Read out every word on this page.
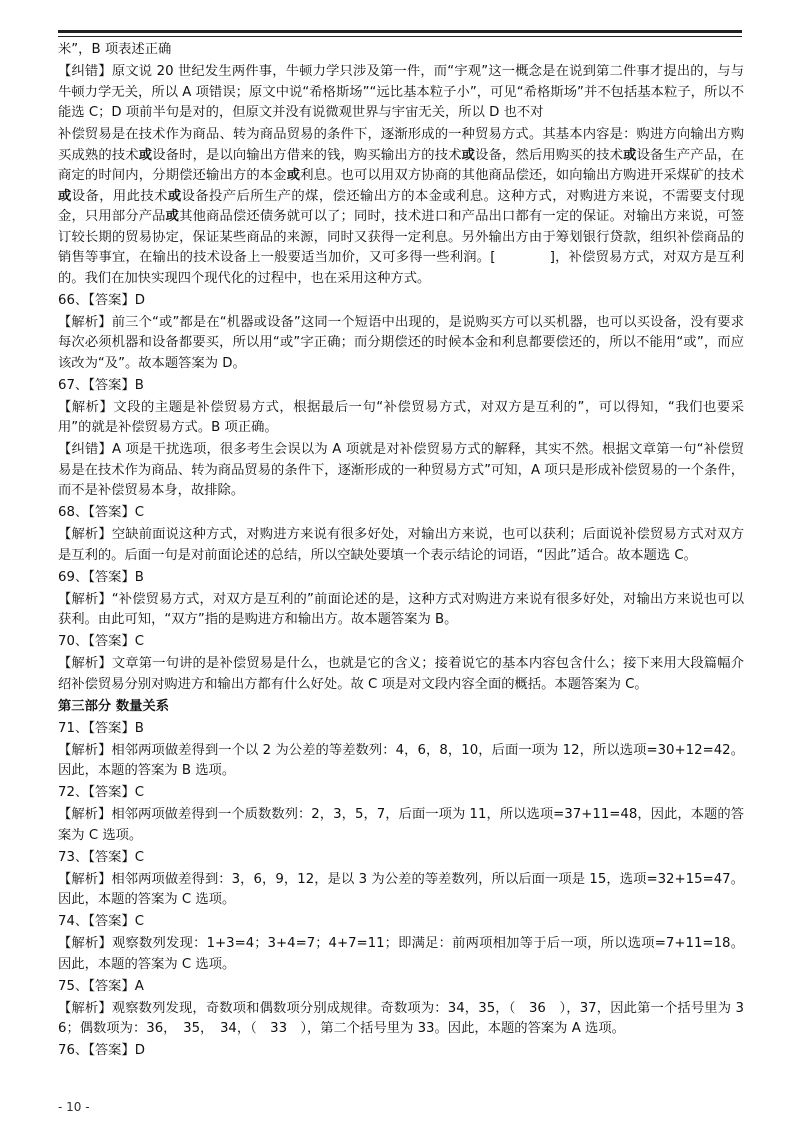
米”，B 项表述正确

【纠错】原文说 20 世纪发生两件事，牛顿力学只涉及第一件，而“宇观”这一概念是在说到第二件事才提出的，与与牛顿力学无关，所以 A 项错误；原文中说“希格斯场”“远比基本粒子小”，可见“希格斯场”并不包括基本粒子，所以不能选 C；D 项前半句是对的，但原文并没有说微观世界与宇宙无关，所以 D 也不对

补偿贸易是在技术作为商品、转为商品贸易的条件下，逐渐形成的一种贸易方式。其基本内容是：购进方向输出方购买成熟的技术或设备时，是以向输出方借来的钱，购买输出方的技术或设备，然后用购买的技术或设备生产产品，在商定的时间内，分期偿还输出方的本金或利息。也可以用双方协商的其他商品偿还，如向输出方购进开采煤矿的技术或设备，用此技术或设备投产后所生产的煤，偿还输出方的本金或利息。这种方式，对购进方来说，不需要支付现金，只用部分产品或其他商品偿还债务就可以了；同时，技术进口和产品出口都有一定的保证。对输出方来说，可签订较长期的贸易协定，保证某些商品的来源，同时又获得一定利息。另外输出方由于筹划银行贷款，组织补偿商品的销售等事宜，在输出的技术设备上一般要适当加价，又可多得一些利润。[　　　　]，补偿贸易方式，对双方是互利的。我们在加快实现四个现代化的过程中，也在采用这种方式。

66、【答案】D

【解析】前三个“或”都是在“机器或设备”这同一个短语中出现的，是说购买方可以买机器，也可以买设备，没有要求每次必须机器和设备都要买，所以用“或”字正确；而分期偿还的时候本金和利息都要偿还的，所以不能用“或”，而应该改为“及”。故本题答案为 D。

67、【答案】B

【解析】文段的主题是补偿贸易方式，根据最后一句“补偿贸易方式，对双方是互利的”，可以得知，“我们也要采用”的就是补偿贸易方式。B 项正确。

【纠错】A 项是干扰选项，很多考生会误以为 A 项就是对补偿贸易方式的解释，其实不然。根据文章第一句“补偿贸易是在技术作为商品、转为商品贸易的条件下，逐渐形成的一种贸易方式”可知，A 项只是形成补偿贸易的一个条件，而不是补偿贸易本身，故排除。

68、【答案】C

【解析】空缺前面说这种方式，对购进方来说有很多好处，对输出方来说，也可以获利；后面说补偿贸易方式对双方是互利的。后面一句是对前面论述的总结，所以空缺处要填一个表示结论的词语，“因此”适合。故本题选 C。

69、【答案】B

【解析】“补偿贸易方式，对双方是互利的”前面论述的是，这种方式对购进方来说有很多好处，对输出方来说也可以获利。由此可知，“双方”指的是购进方和输出方。故本题答案为 B。

70、【答案】C

【解析】文章第一句讲的是补偿贸易是什么，也就是它的含义；接着说它的基本内容包含什么；接下来用大段篇幅介绍补偿贸易分别对购进方和输出方都有什么好处。故 C 项是对文段内容全面的概括。本题答案为 C。

第三部分 数量关系

71、【答案】B

【解析】相邻两项做差得到一个以 2 为公差的等差数列：4，6，8，10，后面一项为 12，所以选项=30+12=42。因此，本题的答案为 B 选项。

72、【答案】C

【解析】相邻两项做差得到一个质数数列：2，3，5，7，后面一项为 11，所以选项=37+11=48，因此，本题的答案为 C 选项。

73、【答案】C

【解析】相邻两项做差得到：3，6，9，12，是以 3 为公差的等差数列，所以后面一项是 15，选项=32+15=47。因此，本题的答案为 C 选项。

74、【答案】C

【解析】观察数列发现：1+3=4；3+4=7；4+7=11；即满足：前两项相加等于后一项，所以选项=7+11=18。因此，本题的答案为 C 选项。

75、【答案】A

【解析】观察数列发现，奇数项和偶数项分别成规律。奇数项为：34，35，（　36　），37，因此第一个括号里为 36；偶数项为：36，　35，　34，（　33　），第二个括号里为 33。因此，本题的答案为 A 选项。

76、【答案】D

- 10 -
